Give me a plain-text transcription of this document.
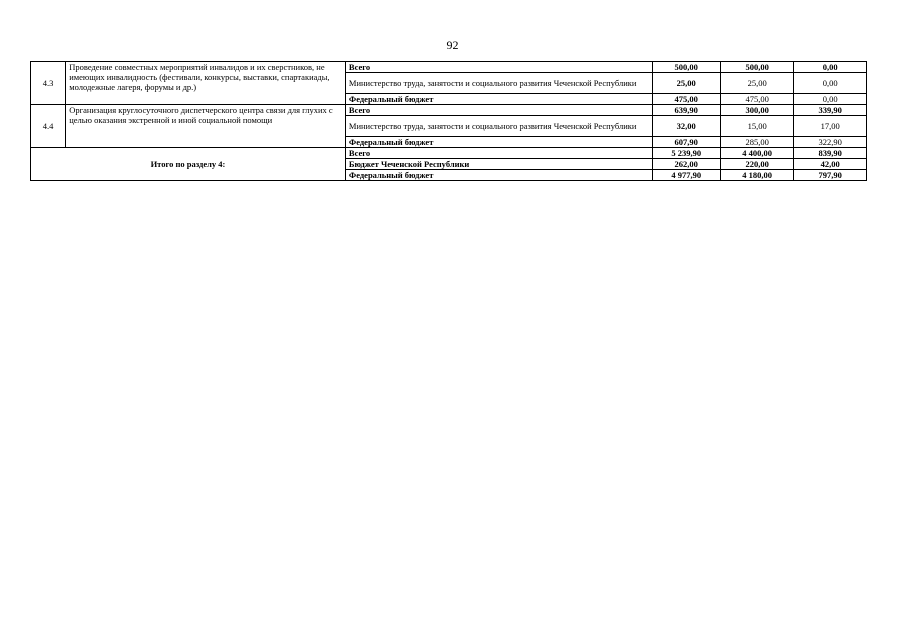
92
4.3	Проведение совместных мероприятий инвалидов и их сверстников, не имеющих инвалидность (фестивали, конкурсы, выставки, спартакиады, молодежные лагеря, форумы и др.)	Всего	500,00	500,00	0,00
		Министерство труда, занятости и социального развития Чеченской Республики	25,00	25,00	0,00
		Федеральный бюджет	475,00	475,00	0,00
4.4	Организация круглосуточного диспетчерского центра связи для глухих с целью оказания экстренной и иной социальной помощи	Всего	639,90	300,00	339,90
		Министерство труда, занятости и социального развития Чеченской Республики	32,00	15,00	17,00
		Федеральный бюджет	607,90	285,00	322,90
Итого по разделу 4:		Всего	5 239,90	4 400,00	839,90
		Бюджет Чеченской Республики	262,00	220,00	42,00
		Федеральный бюджет	4 977,90	4 180,00	797,90
